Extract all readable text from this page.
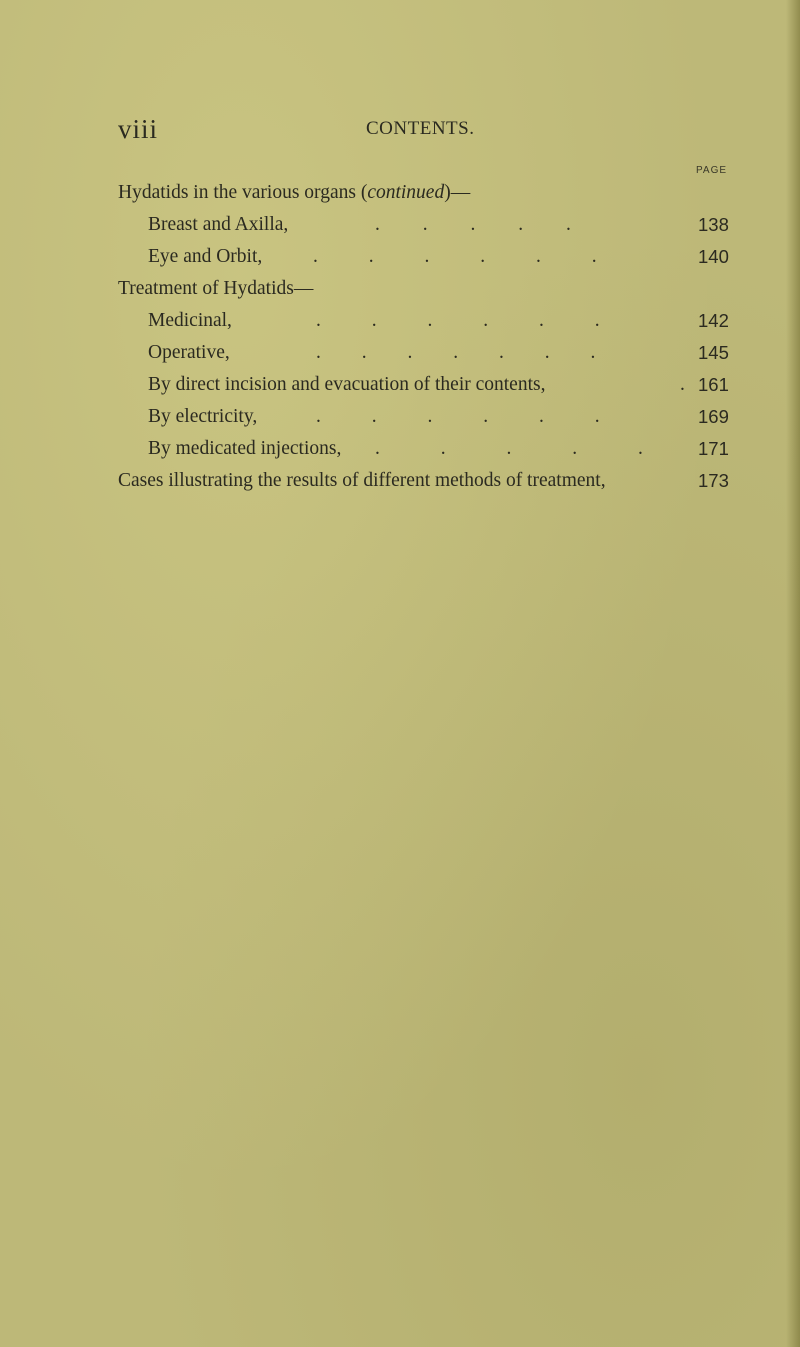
viii	CONTENTS.
PAGE
Hydatids in the various organs (continued)—
Breast and Axilla,	. . . . .	138
Eye and Orbit,	. . . . . .	140
Treatment of Hydatids—
Medicinal,	. . . . . .	142
Operative,	. . . . . . .	145
By direct incision and evacuation of their contents,	. 161
By electricity,	. . . . . .	169
By medicated injections, . . . . .	171
Cases illustrating the results of different methods of treatment,	173
